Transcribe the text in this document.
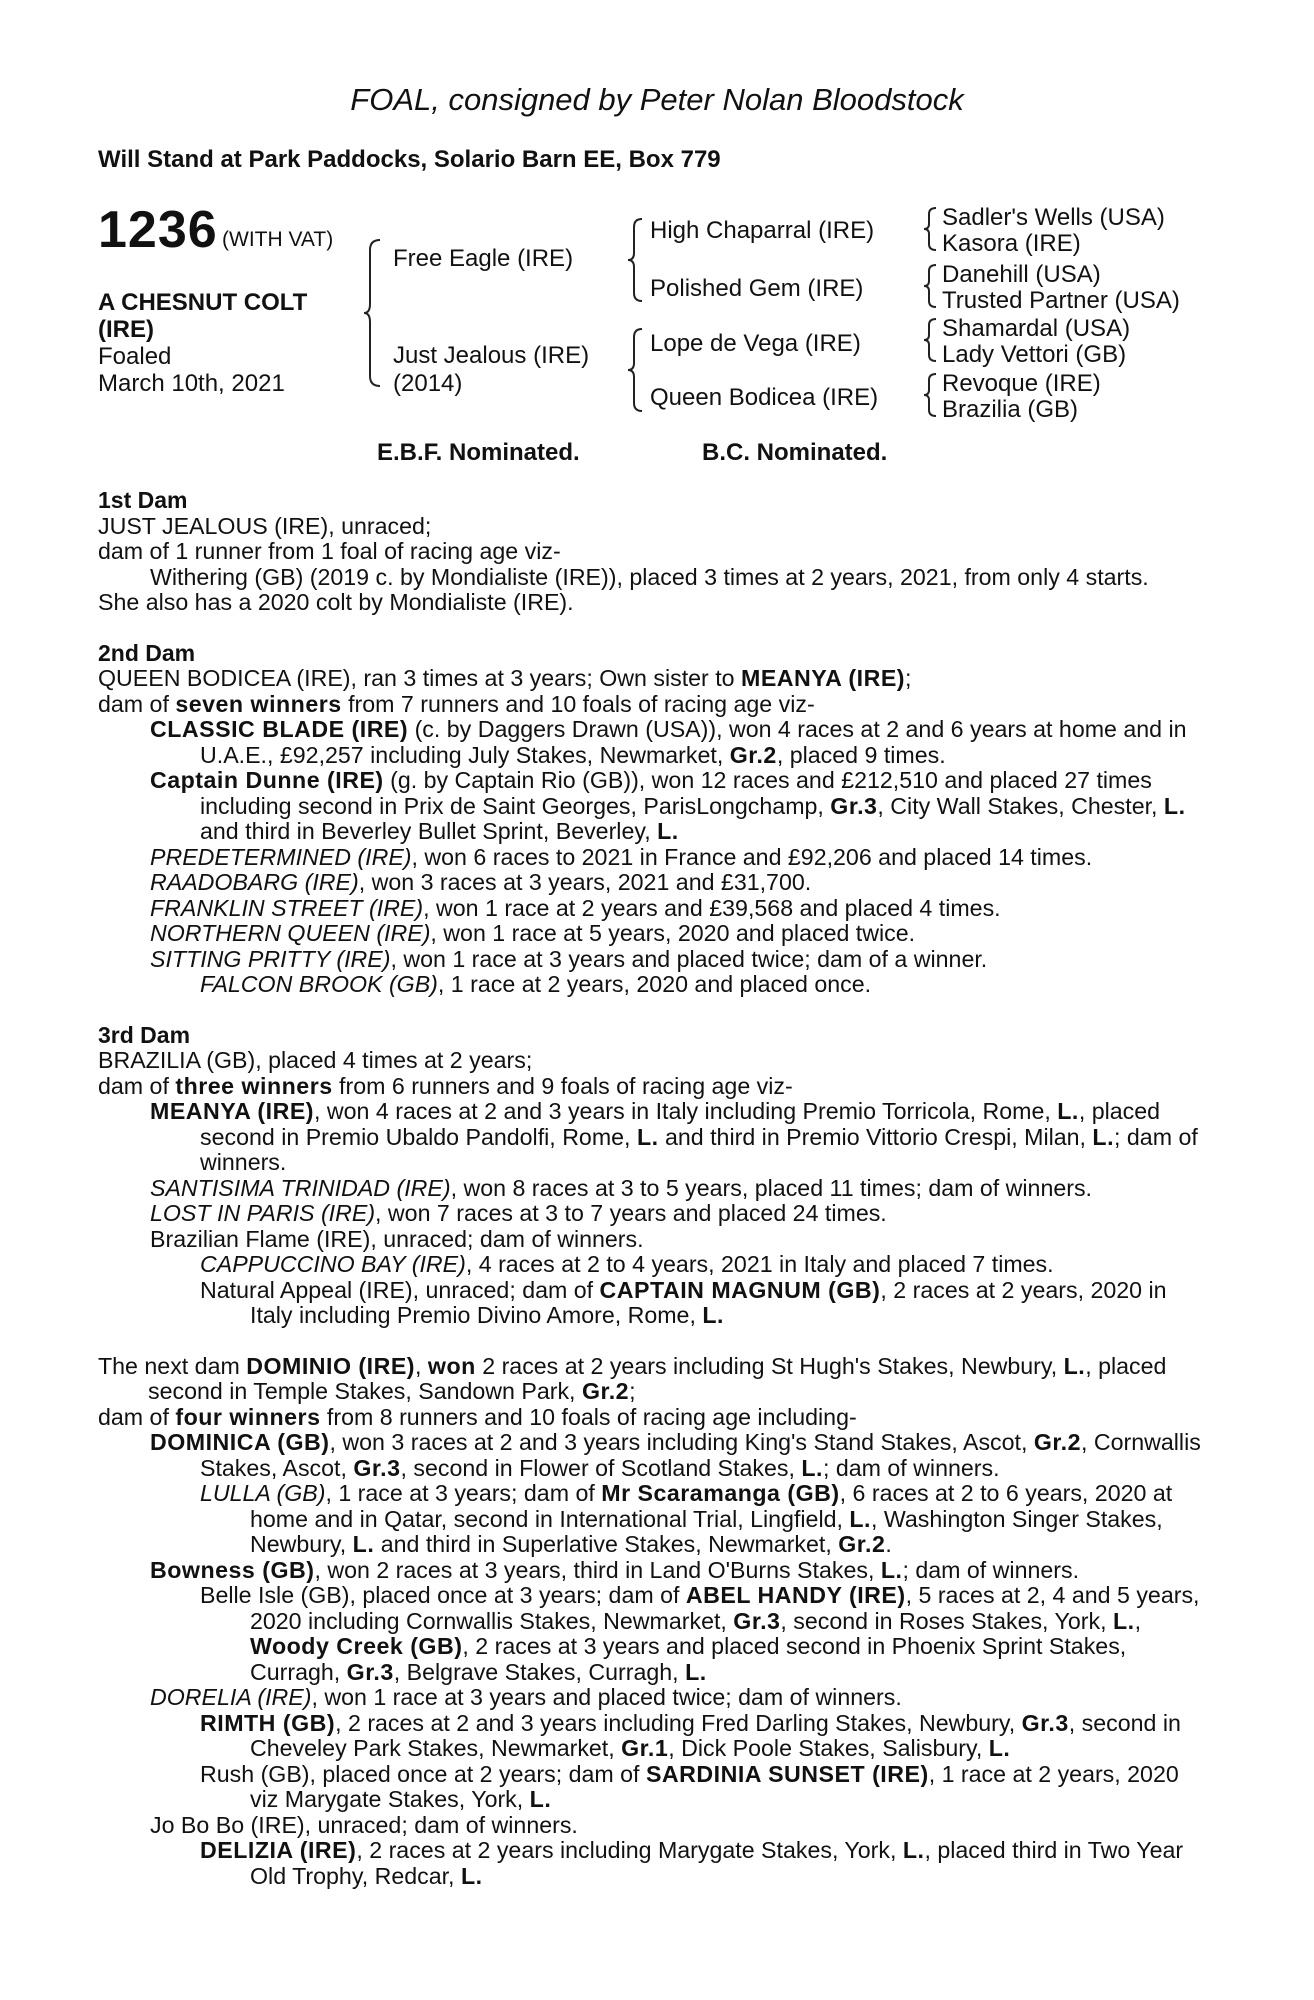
FOAL, consigned by Peter Nolan Bloodstock
Will Stand at Park Paddocks, Solario Barn EE, Box 779
1236 (WITH VAT)
A CHESNUT COLT
(IRE)
Foaled
March 10th, 2021
Free Eagle (IRE)
Just Jealous (IRE)
(2014)
High Chaparral (IRE)
Polished Gem (IRE)
Lope de Vega (IRE)
Queen Bodicea (IRE)
Sadler's Wells (USA)
Kasora (IRE)
Danehill (USA)
Trusted Partner (USA)
Shamardal (USA)
Lady Vettori (GB)
Revoque (IRE)
Brazilia (GB)
E.B.F. Nominated.	B.C. Nominated.

1st Dam

JUST JEALOUS (IRE), unraced;

dam of 1 runner from 1 foal of racing age viz-

Withering (GB) (2019 c. by Mondialiste (IRE)), placed 3 times at 2 years, 2021, from only 4 starts.

She also has a 2020 colt by Mondialiste (IRE).

2nd Dam

QUEEN BODICEA (IRE), ran 3 times at 3 years; Own sister to MEANYA (IRE);

dam of seven winners from 7 runners and 10 foals of racing age viz-

CLASSIC BLADE (IRE) (c. by Daggers Drawn (USA)), won 4 races at 2 and 6 years at home and in U.A.E., £92,257 including July Stakes, Newmarket, Gr.2, placed 9 times.

Captain Dunne (IRE) (g. by Captain Rio (GB)), won 12 races and £212,510 and placed 27 times including second in Prix de Saint Georges, ParisLongchamp, Gr.3, City Wall Stakes, Chester, L. and third in Beverley Bullet Sprint, Beverley, L.

PREDETERMINED (IRE), won 6 races to 2021 in France and £92,206 and placed 14 times.

RAADOBARG (IRE), won 3 races at 3 years, 2021 and £31,700.

FRANKLIN STREET (IRE), won 1 race at 2 years and £39,568 and placed 4 times.

NORTHERN QUEEN (IRE), won 1 race at 5 years, 2020 and placed twice.

SITTING PRITTY (IRE), won 1 race at 3 years and placed twice; dam of a winner.

FALCON BROOK (GB), 1 race at 2 years, 2020 and placed once.

3rd Dam

BRAZILIA (GB), placed 4 times at 2 years;

dam of three winners from 6 runners and 9 foals of racing age viz-

MEANYA (IRE), won 4 races at 2 and 3 years in Italy including Premio Torricola, Rome, L., placed second in Premio Ubaldo Pandolfi, Rome, L. and third in Premio Vittorio Crespi, Milan, L.; dam of winners.

SANTISIMA TRINIDAD (IRE), won 8 races at 3 to 5 years, placed 11 times; dam of winners.

LOST IN PARIS (IRE), won 7 races at 3 to 7 years and placed 24 times.

Brazilian Flame (IRE), unraced; dam of winners.

CAPPUCCINO BAY (IRE), 4 races at 2 to 4 years, 2021 in Italy and placed 7 times.

Natural Appeal (IRE), unraced; dam of CAPTAIN MAGNUM (GB), 2 races at 2 years, 2020 in Italy including Premio Divino Amore, Rome, L.

The next dam DOMINIO (IRE), won 2 races at 2 years including St Hugh's Stakes, Newbury, L., placed second in Temple Stakes, Sandown Park, Gr.2;

dam of four winners from 8 runners and 10 foals of racing age including-

DOMINICA (GB), won 3 races at 2 and 3 years including King's Stand Stakes, Ascot, Gr.2, Cornwallis Stakes, Ascot, Gr.3, second in Flower of Scotland Stakes, L.; dam of winners.

LULLA (GB), 1 race at 3 years; dam of Mr Scaramanga (GB), 6 races at 2 to 6 years, 2020 at home and in Qatar, second in International Trial, Lingfield, L., Washington Singer Stakes, Newbury, L. and third in Superlative Stakes, Newmarket, Gr.2.

Bowness (GB), won 2 races at 3 years, third in Land O'Burns Stakes, L.; dam of winners.

Belle Isle (GB), placed once at 3 years; dam of ABEL HANDY (IRE), 5 races at 2, 4 and 5 years, 2020 including Cornwallis Stakes, Newmarket, Gr.3, second in Roses Stakes, York, L., Woody Creek (GB), 2 races at 3 years and placed second in Phoenix Sprint Stakes, Curragh, Gr.3, Belgrave Stakes, Curragh, L.

DORELIA (IRE), won 1 race at 3 years and placed twice; dam of winners.

RIMTH (GB), 2 races at 2 and 3 years including Fred Darling Stakes, Newbury, Gr.3, second in Cheveley Park Stakes, Newmarket, Gr.1, Dick Poole Stakes, Salisbury, L.

Rush (GB), placed once at 2 years; dam of SARDINIA SUNSET (IRE), 1 race at 2 years, 2020 viz Marygate Stakes, York, L.

Jo Bo Bo (IRE), unraced; dam of winners.

DELIZIA (IRE), 2 races at 2 years including Marygate Stakes, York, L., placed third in Two Year Old Trophy, Redcar, L.
